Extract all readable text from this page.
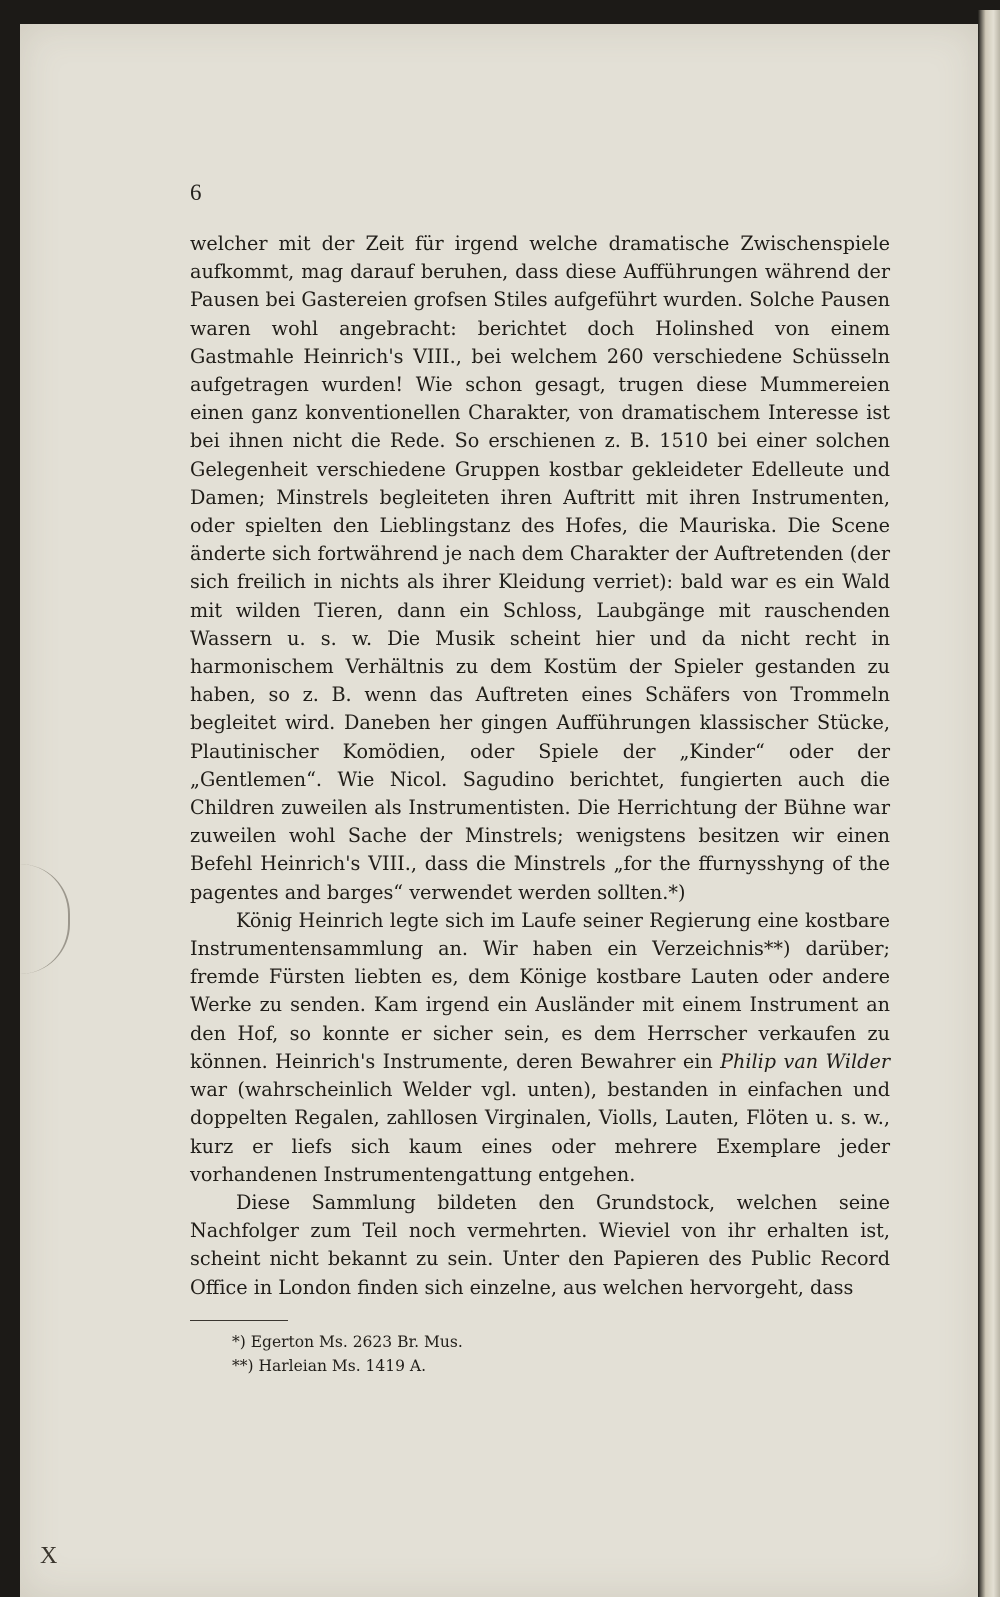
6

welcher mit der Zeit für irgend welche dramatische Zwischenspiele aufkommt, mag darauf beruhen, dass diese Aufführungen während der Pausen bei Gastereien grofsen Stiles aufgeführt wurden. Solche Pausen waren wohl angebracht: berichtet doch Holinshed von einem Gastmahle Heinrich's VIII., bei welchem 260 verschiedene Schüsseln aufgetragen wurden! Wie schon gesagt, trugen diese Mummereien einen ganz konventionellen Charakter, von dramatischem Interesse ist bei ihnen nicht die Rede. So erschienen z. B. 1510 bei einer solchen Gelegenheit verschiedene Gruppen kostbar gekleideter Edelleute und Damen; Minstrels begleiteten ihren Auftritt mit ihren Instrumenten, oder spielten den Lieblingstanz des Hofes, die Mauriska. Die Scene änderte sich fortwährend je nach dem Charakter der Auftretenden (der sich freilich in nichts als ihrer Kleidung verriet): bald war es ein Wald mit wilden Tieren, dann ein Schloss, Laubgänge mit rauschenden Wassern u. s. w. Die Musik scheint hier und da nicht recht in harmonischem Verhältnis zu dem Kostüm der Spieler gestanden zu haben, so z. B. wenn das Auftreten eines Schäfers von Trommeln begleitet wird. Daneben her gingen Aufführungen klassischer Stücke, Plautinischer Komödien, oder Spiele der „Kinder“ oder der „Gentlemen“. Wie Nicol. Sagudino berichtet, fungierten auch die Children zuweilen als Instrumentisten. Die Herrichtung der Bühne war zuweilen wohl Sache der Minstrels; wenigstens besitzen wir einen Befehl Heinrich's VIII., dass die Minstrels „for the ffurnysshyng of the pagentes and barges“ verwendet werden sollten.*)

König Heinrich legte sich im Laufe seiner Regierung eine kostbare Instrumentensammlung an. Wir haben ein Verzeichnis**) darüber; fremde Fürsten liebten es, dem Könige kostbare Lauten oder andere Werke zu senden. Kam irgend ein Ausländer mit einem Instrument an den Hof, so konnte er sicher sein, es dem Herrscher verkaufen zu können. Heinrich's Instrumente, deren Bewahrer ein Philip van Wilder war (wahrscheinlich Welder vgl. unten), bestanden in einfachen und doppelten Regalen, zahllosen Virginalen, Violls, Lauten, Flöten u. s. w., kurz er liefs sich kaum eines oder mehrere Exemplare jeder vorhandenen Instrumentengattung entgehen.

Diese Sammlung bildeten den Grundstock, welchen seine Nachfolger zum Teil noch vermehrten. Wieviel von ihr erhalten ist, scheint nicht bekannt zu sein. Unter den Papieren des Public Record Office in London finden sich einzelne, aus welchen hervorgeht, dass

*) Egerton Ms. 2623 Br. Mus.
**) Harleian Ms. 1419 A.
X
